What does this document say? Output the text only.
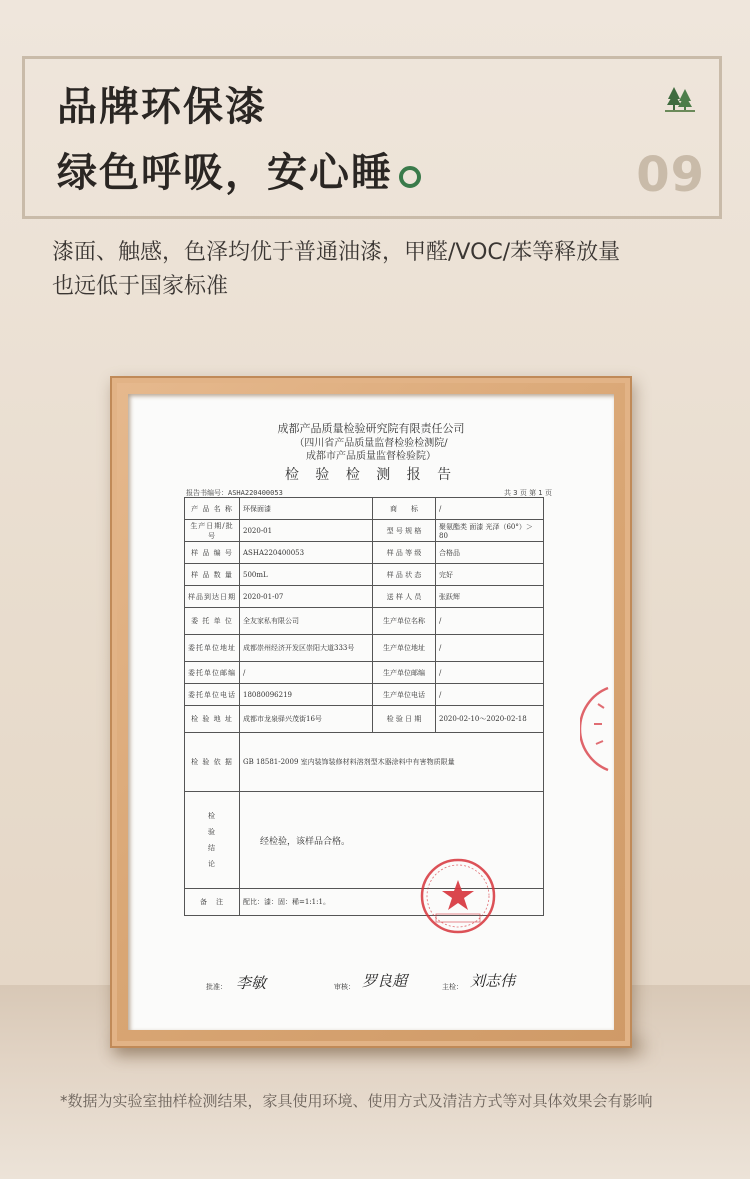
品牌环保漆
绿色呼吸，安心睡	09
漆面、触感，色泽均优于普通油漆，甲醛/VOC/苯等释放量
也远低于国家标准
成都产品质量检验研究院有限责任公司
（四川省产品质量监督检验检测院/
成都市产品质量监督检验院）
检 验 检 测 报 告
报告书编号：ASHA220400053	共 3 页 第 1 页
产 品 名 称	环保面漆	商　　标	/
生产日期/批号	2020-01	型 号 规 格	聚氨酯类 面漆 光泽（60°）＞80
样 品 编 号	ASHA220400053	样 品 等 级	合格品
样 品 数 量	500mL	样 品 状 态	完好
样品到达日期	2020-01-07	送 样 人 员	张跃辉
委 托 单 位	全友家私有限公司	生产单位名称	/
委托单位地址	成都崇州经济开发区崇阳大道333号	生产单位地址	/
委托单位邮编	/	生产单位邮编	/
委托单位电话	18080096219	生产单位电话	/
检 验 地 址	成都市龙泉驿兴茂街16号	检 验 日 期	2020-02-10～2020-02-18
检 验 依 据	GB 18581-2009 室内装饰装修材料溶剂型木器涂料中有害物质限量		
检
验
结
论	经检验，该样品合格。		
备　注	配比：漆：固：稀=1:1:1。		
批准： 李敏	审核： 罗良超	主检： 刘志伟
*数据为实验室抽样检测结果，家具使用环境、使用方式及清洁方式等对具体效果会有影响
